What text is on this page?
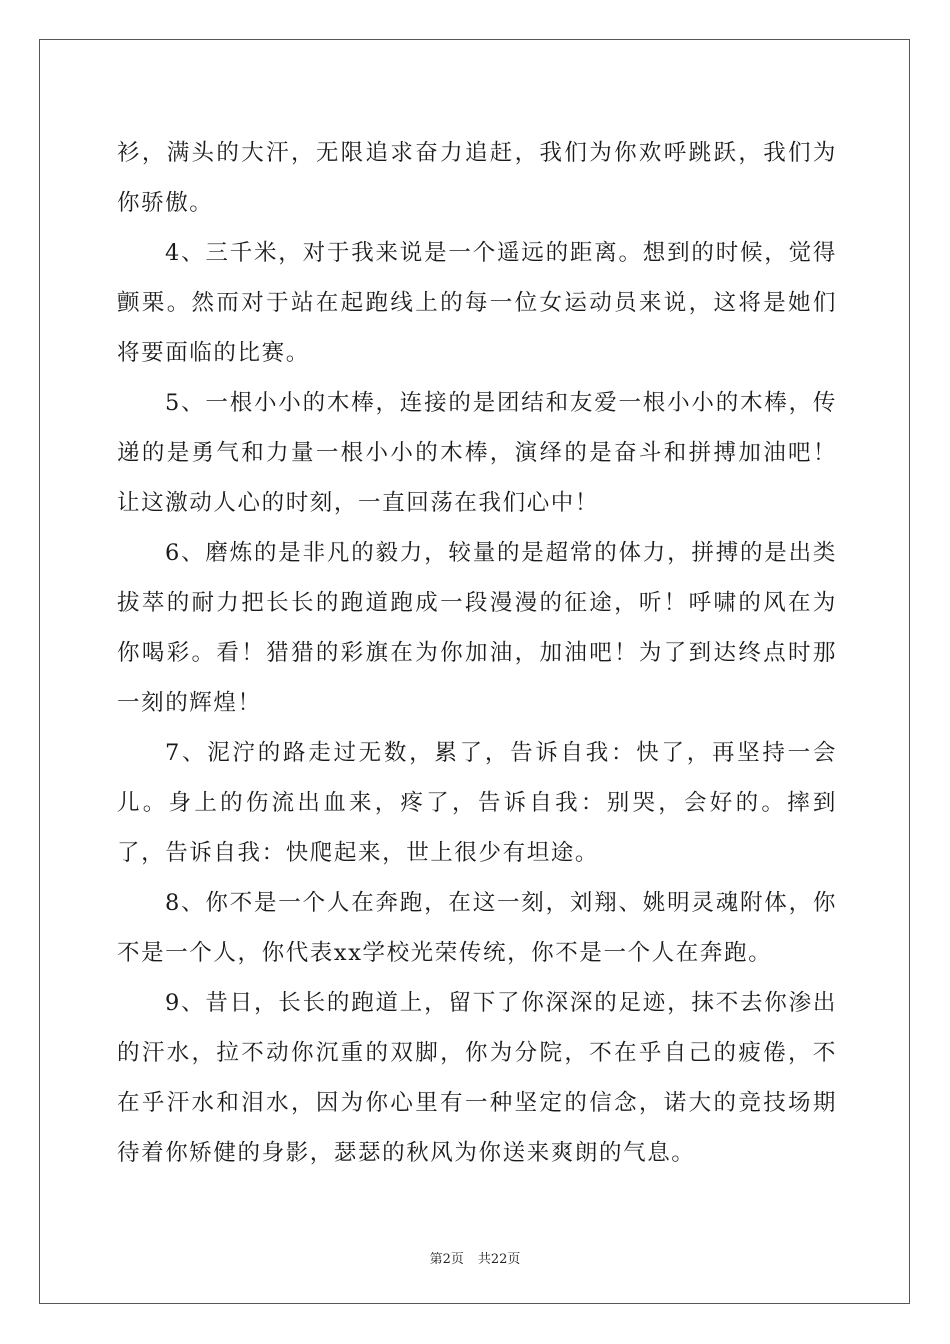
衫，满头的大汗，无限追求奋力追赶，我们为你欢呼跳跃，我们为你骄傲。

4、三千米，对于我来说是一个遥远的距离。想到的时候，觉得颤栗。然而对于站在起跑线上的每一位女运动员来说，这将是她们将要面临的比赛。

5、一根小小的木棒，连接的是团结和友爱一根小小的木棒，传递的是勇气和力量一根小小的木棒，演绎的是奋斗和拼搏加油吧！让这激动人心的时刻，一直回荡在我们心中！

6、磨炼的是非凡的毅力，较量的是超常的体力，拼搏的是出类拔萃的耐力把长长的跑道跑成一段漫漫的征途，听！呼啸的风在为你喝彩。看！猎猎的彩旗在为你加油，加油吧！为了到达终点时那一刻的辉煌！

7、泥泞的路走过无数，累了，告诉自我：快了，再坚持一会儿。身上的伤流出血来，疼了，告诉自我：别哭，会好的。摔到了，告诉自我：快爬起来，世上很少有坦途。

8、你不是一个人在奔跑，在这一刻，刘翔、姚明灵魂附体，你不是一个人，你代表xx学校光荣传统，你不是一个人在奔跑。

9、昔日，长长的跑道上，留下了你深深的足迹，抹不去你渗出的汗水，拉不动你沉重的双脚，你为分院，不在乎自己的疲倦，不在乎汗水和泪水，因为你心里有一种坚定的信念，诺大的竞技场期待着你矫健的身影，瑟瑟的秋风为你送来爽朗的气息。

第2页 共22页
